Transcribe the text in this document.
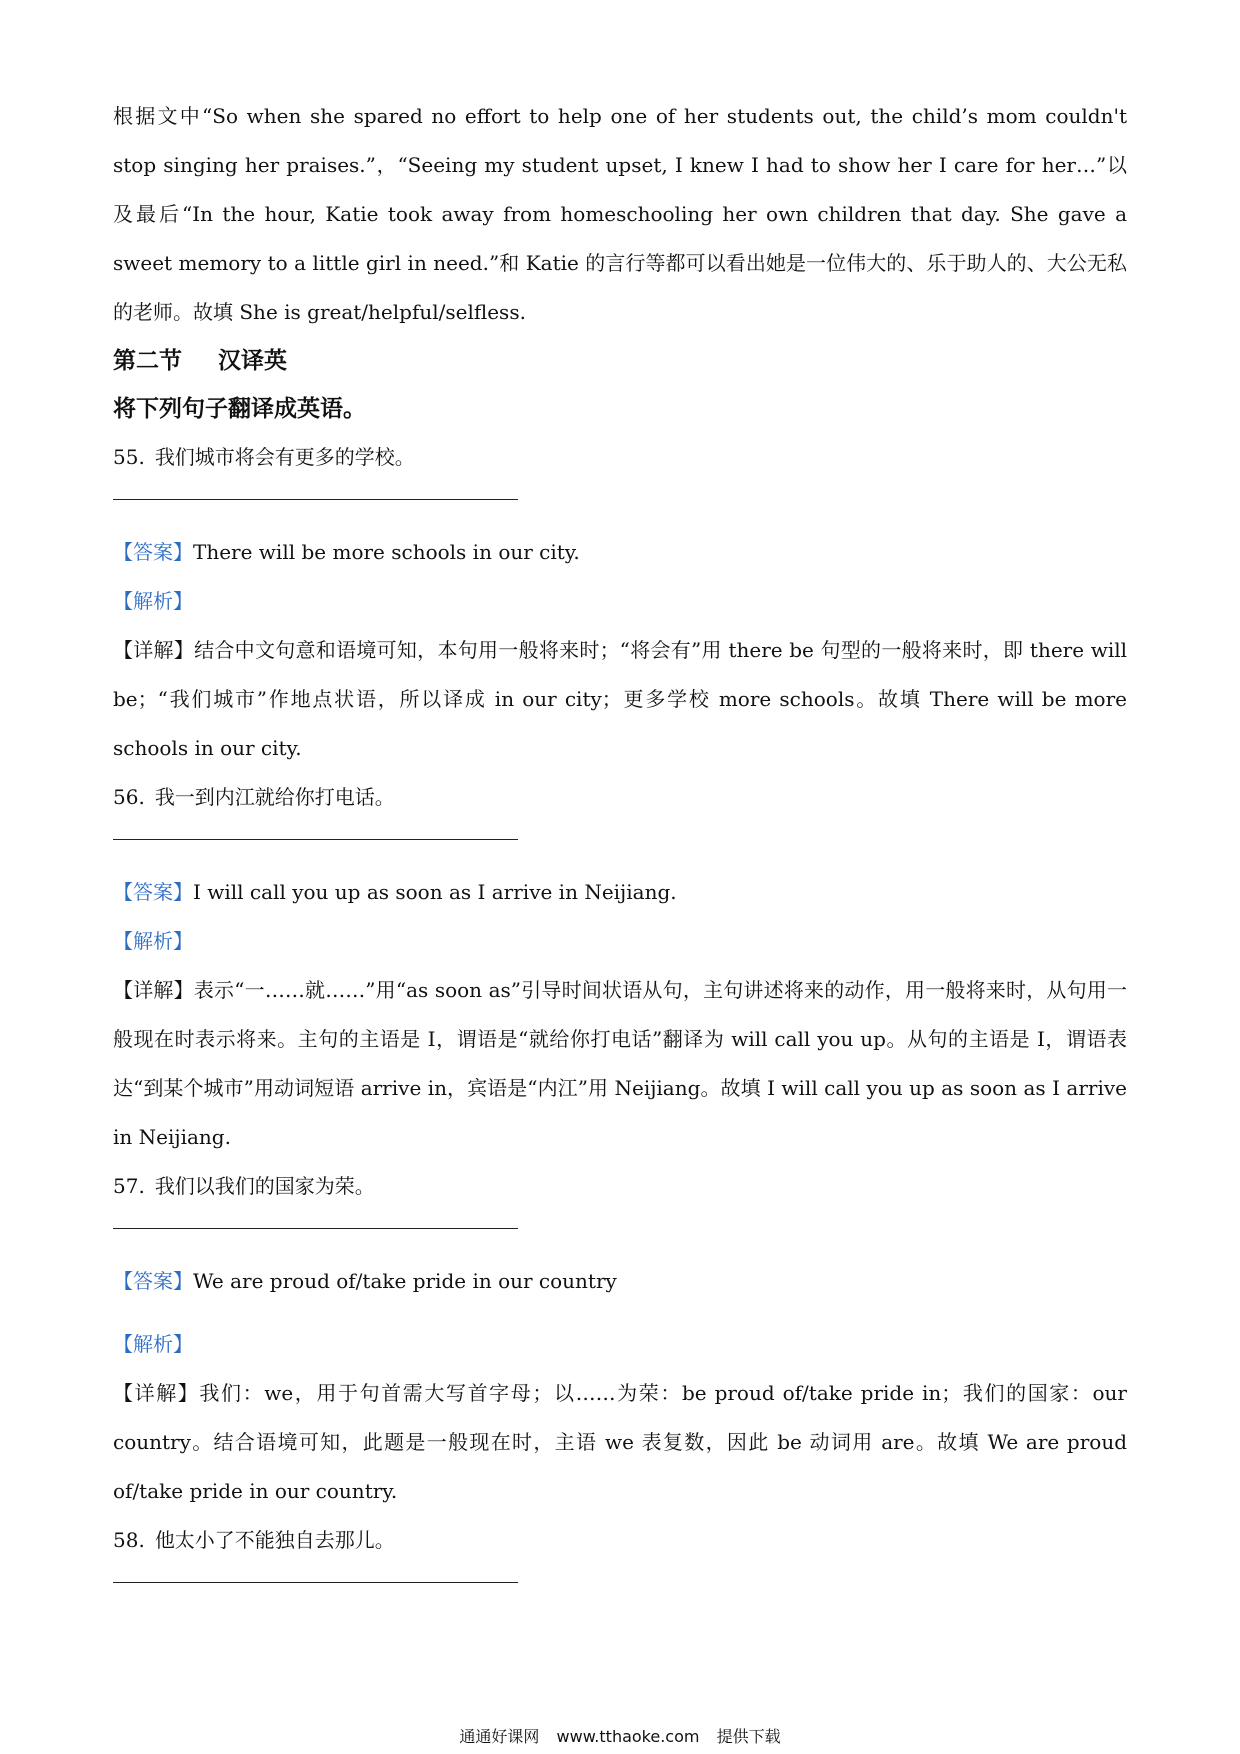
根据文中“So when she spared no effort to help one of her students out, the child’s mom couldn't stop singing her praises.”，“Seeing my student upset, I knew I had to show her I care for her…”以及最后“In the hour, Katie took away from homeschooling her own children that day. She gave a sweet memory to a little girl in need.”和 Katie 的言行等都可以看出她是一位伟大的、乐于助人的、大公无私的老师。故填 She is great/helpful/selfless.

第二节 汉译英

将下列句子翻译成英语。

55. 我们城市将会有更多的学校。

【答案】There will be more schools in our city.

【解析】

【详解】结合中文句意和语境可知，本句用一般将来时；“将会有”用 there be 句型的一般将来时，即 there will be；“我们城市”作地点状语，所以译成 in our city；更多学校 more schools。故填 There will be more schools in our city.

56. 我一到内江就给你打电话。

【答案】I will call you up as soon as I arrive in Neijiang.

【解析】

【详解】表示“一……就……”用“as soon as”引导时间状语从句，主句讲述将来的动作，用一般将来时，从句用一般现在时表示将来。主句的主语是 I，谓语是“就给你打电话”翻译为 will call you up。从句的主语是 I，谓语表达“到某个城市”用动词短语 arrive in，宾语是“内江”用 Neijiang。故填 I will call you up as soon as I arrive in Neijiang.

57. 我们以我们的国家为荣。

【答案】We are proud of/take pride in our country

【解析】

【详解】我们：we，用于句首需大写首字母；以……为荣：be proud of/take pride in；我们的国家：our country。结合语境可知，此题是一般现在时，主语 we 表复数，因此 be 动词用 are。故填 We are proud of/take pride in our country.

58. 他太小了不能独自去那儿。

通通好课网 www.tthaoke.com 提供下载
